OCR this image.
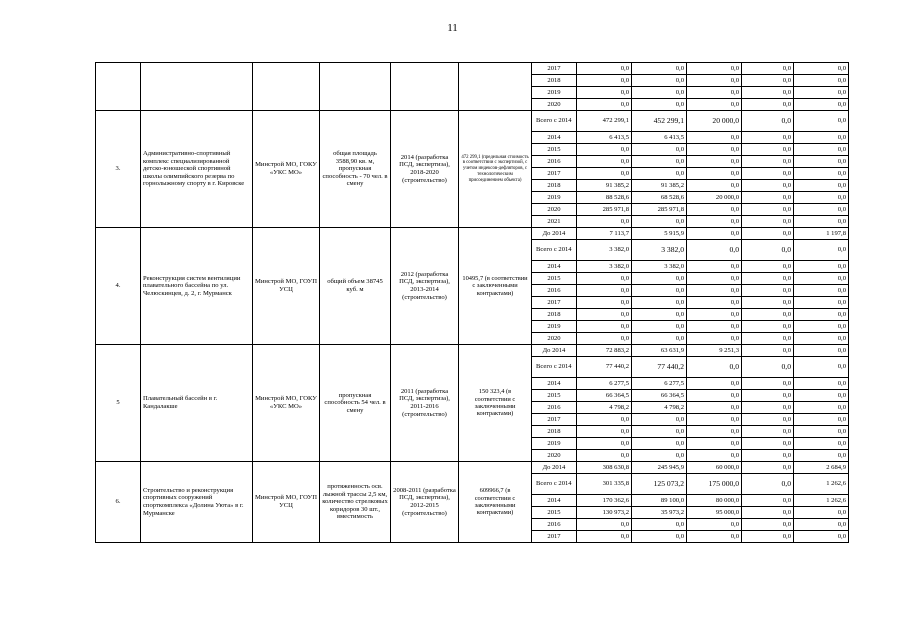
11
						2017	0,0	0,0	0,0	0,0	0,0
						2018	0,0	0,0	0,0	0,0	0,0
						2019	0,0	0,0	0,0	0,0	0,0
						2020	0,0	0,0	0,0	0,0	0,0
3.	Административно-спортивный комплекс специализированной детско-юношеской спортивной школы олимпийского резерва по горнолыжному спорту в г. Кировске	Минстрой МО, ГОКУ «УКС МО»	общая площадь 3588,90 кв. м, пропускная способность - 70 чел. в смену	2014 (разработка ПСД, экспертиза), 2018-2020 (строительство)	472 299,1 (предельная стоимость в соответствии с экспертизой, с учетом индексов-дефляторов, с технологическим присоединением объекта)	Всего с 2014	472 299,1	452 299,1	20 000,0	0,0	0,0
						2014	6 413,5	6 413,5	0,0	0,0	0,0
						2015	0,0	0,0	0,0	0,0	0,0
						2016	0,0	0,0	0,0	0,0	0,0
						2017	0,0	0,0	0,0	0,0	0,0
						2018	91 385,2	91 385,2	0,0	0,0	0,0
						2019	88 528,6	68 528,6	20 000,0	0,0	0,0
						2020	285 971,8	285 971,8	0,0	0,0	0,0
						2021	0,0	0,0	0,0	0,0	0,0
4.	Реконструкция систем вентиляции плавательного бассейна по ул. Челюскинцев, д. 2, г. Мурманск	Минстрой МО, ГОУП УСЦ	общий объем 38745 куб. м	2012 (разработка ПСД, экспертиза), 2013-2014 (строительство)	10495,7 (в соответствии с заключенными контрактами)	До 2014	7 113,7	5 915,9	0,0	0,0	1 197,8
						Всего с 2014	3 382,0	3 382,0	0,0	0,0	0,0
						2014	3 382,0	3 382,0	0,0	0,0	0,0
						2015	0,0	0,0	0,0	0,0	0,0
						2016	0,0	0,0	0,0	0,0	0,0
						2017	0,0	0,0	0,0	0,0	0,0
						2018	0,0	0,0	0,0	0,0	0,0
						2019	0,0	0,0	0,0	0,0	0,0
						2020	0,0	0,0	0,0	0,0	0,0
5	Плавательный бассейн в г. Кандалакше	Минстрой МО, ГОКУ «УКС МО»	пропускная способность 54 чел. в смену	2011 (разработка ПСД, экспертиза), 2011-2016 (строительство)	150 323,4 (в соответствии с заключенными контрактами)	До 2014	72 883,2	63 631,9	9 251,3	0,0	0,0
						Всего с 2014	77 440,2	77 440,2	0,0	0,0	0,0
						2014	6 277,5	6 277,5	0,0	0,0	0,0
						2015	66 364,5	66 364,5	0,0	0,0	0,0
						2016	4 798,2	4 798,2	0,0	0,0	0,0
						2017	0,0	0,0	0,0	0,0	0,0
						2018	0,0	0,0	0,0	0,0	0,0
						2019	0,0	0,0	0,0	0,0	0,0
						2020	0,0	0,0	0,0	0,0	0,0
6.	Строительство и реконструкция спортивных сооружений спорткомплекса «Долина Уюта» в г. Мурманске	Минстрой МО, ГОУП УСЦ	протяженность осв. лыжной трассы 2,5 км, количество стрелковых коридоров 30 шт., вместимость	2008-2011 (разработка ПСД, экспертиза), 2012-2015 (строительство)	609966,7 (в соответствии с заключенными контрактами)	До 2014	308 630,8	245 945,9	60 000,0	0,0	2 684,9
						Всего с 2014	301 335,8	125 073,2	175 000,0	0,0	1 262,6
						2014	170 362,6	89 100,0	80 000,0	0,0	1 262,6
						2015	130 973,2	35 973,2	95 000,0	0,0	0,0
						2016	0,0	0,0	0,0	0,0	0,0
						2017	0,0	0,0	0,0	0,0	0,0
